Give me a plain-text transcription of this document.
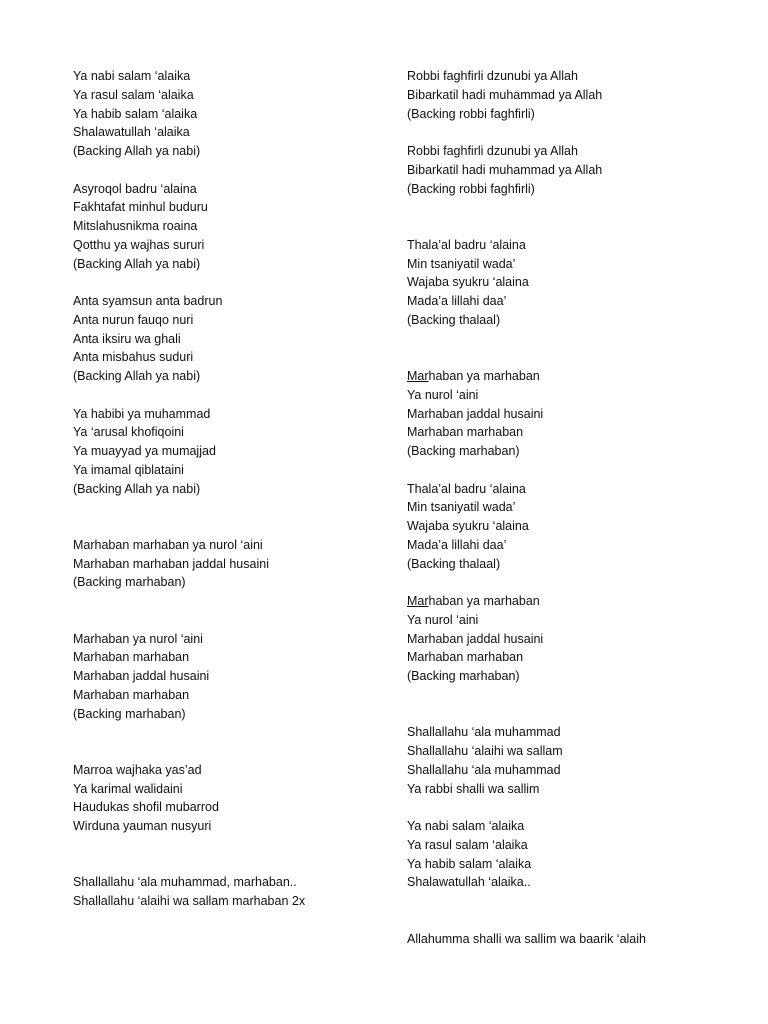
Ya nabi salam ‘alaika
Ya rasul salam ‘alaika
Ya habib salam ‘alaika
Shalawatullah ‘alaika
(Backing Allah ya nabi)
Asyroqol badru ‘alaina
Fakhtafat minhul buduru
Mitslahusnikma roaina
Qotthu ya wajhas sururi
(Backing Allah ya nabi)
Anta syamsun anta badrun
Anta nurun fauqo nuri
Anta iksiru wa ghali
Anta misbahus suduri
(Backing Allah ya nabi)
Ya habibi ya muhammad
Ya ‘arusal khofiqoini
Ya muayyad ya mumajjad
Ya imamal qiblataini
(Backing Allah ya nabi)
Marhaban marhaban ya nurol ‘aini
Marhaban marhaban jaddal husaini
(Backing marhaban)
Marhaban ya nurol ‘aini
Marhaban marhaban
Marhaban jaddal husaini
Marhaban marhaban
(Backing marhaban)
Marroa wajhaka yas’ad
Ya karimal walidaini
Haudukas shofil mubarrod
Wirduna yauman nusyuri
Shallallahu ‘ala muhammad, marhaban..
Shallallahu ‘alaihi wa sallam marhaban 2x
Robbi faghfirli dzunubi ya Allah
Bibarkatil hadi muhammad ya Allah
(Backing robbi faghfirli)
Robbi faghfirli dzunubi ya Allah
Bibarkatil hadi muhammad ya Allah
(Backing robbi faghfirli)
Thala’al badru ‘alaina
Min tsaniyatil wada’
Wajaba syukru ‘alaina
Mada’a lillahi daa’
(Backing thalaal)
Marhaban ya marhaban
Ya nurol ‘aini
Marhaban jaddal husaini
Marhaban marhaban
(Backing marhaban)
Thala’al badru ‘alaina
Min tsaniyatil wada’
Wajaba syukru ‘alaina
Mada’a lillahi daa’
(Backing thalaal)
Marhaban ya marhaban
Ya nurol ‘aini
Marhaban jaddal husaini
Marhaban marhaban
(Backing marhaban)
Shallallahu ‘ala muhammad
Shallallahu ‘alaihi wa sallam
Shallallahu ‘ala muhammad
Ya rabbi shalli wa sallim
Ya nabi salam ‘alaika
Ya rasul salam ‘alaika
Ya habib salam ‘alaika
Shalawatullah ‘alaika..
Allahumma shalli wa sallim wa baarik ‘alaih
